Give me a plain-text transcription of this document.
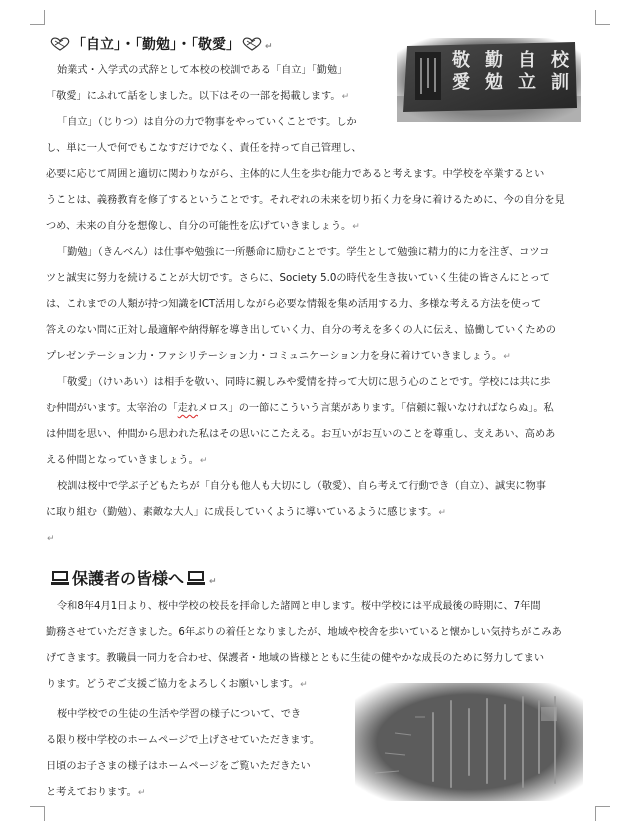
「自立」・「勤勉」・「敬愛」	↵
校
訓
自
立
勤
勉
敬
愛
始業式・入学式の式辞として本校の校訓である「自立」「勤勉」
「敬愛」にふれて話をしました。以下はその一部を掲載します。↵
「自立」（じりつ）は自分の力で物事をやっていくことです。しか
し、単に一人で何でもこなすだけでなく、責任を持って自己管理し、
必要に応じて周囲と適切に関わりながら、主体的に人生を歩む能力であると考えます。中学校を卒業するとい
うことは、義務教育を修了するということです。それぞれの未来を切り拓く力を身に着けるために、今の自分を見
つめ、未来の自分を想像し、自分の可能性を広げていきましょう。↵
「勤勉」（きんべん）は仕事や勉強に一所懸命に励むことです。学生として勉強に精力的に力を注ぎ、コツコ
ツと誠実に努力を続けることが大切です。さらに、Society 5.0の時代を生き抜いていく生徒の皆さんにとって
は、これまでの人類が持つ知識をICT活用しながら必要な情報を集め活用する力、多様な考える方法を使って
答えのない問に正対し最適解や納得解を導き出していく力、自分の考えを多くの人に伝え、協働していくための
プレゼンテーション力・ファシリテーション力・コミュニケーション力を身に着けていきましょう。↵
「敬愛」（けいあい）は相手を敬い、同時に親しみや愛情を持って大切に思う心のことです。学校には共に歩
む仲間がいます。太宰治の「走れメロス」の一節にこういう言葉があります。「信頼に報いなければならぬ」。私
は仲間を思い、仲間から思われた私はその思いにこたえる。お互いがお互いのことを尊重し、支えあい、高めあ
える仲間となっていきましょう。↵
校訓は桜中で学ぶ子どもたちが「自分も他人も大切にし（敬愛）、自ら考えて行動でき（自立）、誠実に物事
に取り組む（勤勉）、素敵な大人」に成長していくように導いているように感じます。↵
↵
保護者の皆様へ	↵
令和8年4月1日より、桜中学校の校長を拝命した諸岡と申します。桜中学校には平成最後の時期に、7年間
勤務させていただきました。6年ぶりの着任となりましたが、地域や校舎を歩いていると懐かしい気持ちがこみあ
げてきます。教職員一同力を合わせ、保護者・地域の皆様とともに生徒の健やかな成長のために努力してまい
ります。どうぞご支援ご協力をよろしくお願いします。↵
桜中学校での生徒の生活や学習の様子について、でき
る限り桜中学校のホームページで上げさせていただきます。
日頃のお子さまの様子はホームページをご覧いただきたい
と考えております。↵
